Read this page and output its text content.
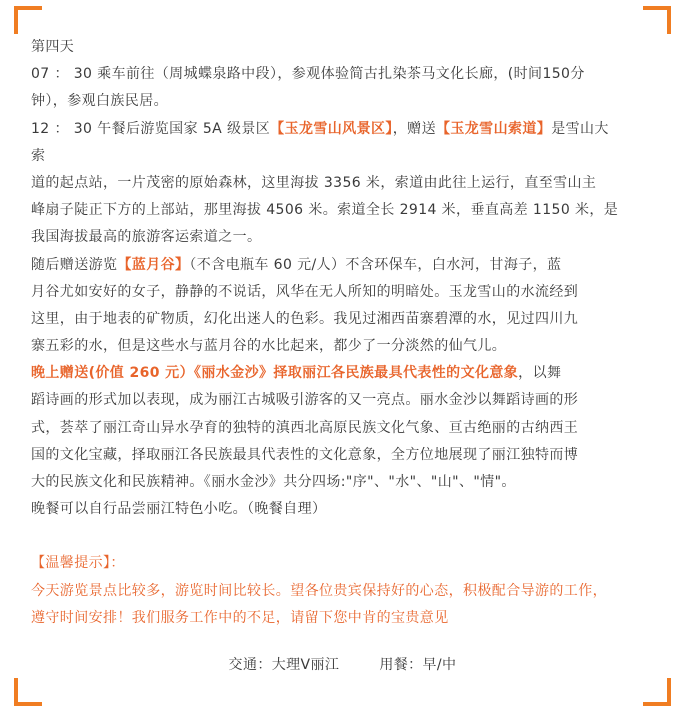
第四天
07 ： 30 乘车前往（周城蝶泉路中段），参观体验简古扎染茶马文化长廊，(时间150分
钟），参观白族民居。
12 ： 30 午餐后游览国家 5A 级景区【玉龙雪山风景区】，赠送【玉龙雪山索道】是雪山大
索
道的起点站，一片茂密的原始森林，这里海拔 3356 米，索道由此往上运行，直至雪山主
峰扇子陡正下方的上部站，那里海拔 4506 米。索道全长 2914 米，垂直高差 1150 米，是
我国海拔最高的旅游客运索道之一。
随后赠送游览【蓝月谷】（不含电瓶车 60 元/人）不含环保车，白水河，甘海子，蓝
月谷尤如安好的女子，静静的不说话，风华在无人所知的明暗处。玉龙雪山的水流经到
这里，由于地表的矿物质，幻化出迷人的色彩。我见过湘西苗寨碧潭的水，见过四川九
寨五彩的水，但是这些水与蓝月谷的水比起来，都少了一分淡然的仙气儿。
晚上赠送(价值 260 元）《丽水金沙》择取丽江各民族最具代表性的文化意象，以舞
蹈诗画的形式加以表现，成为丽江古城吸引游客的又一亮点。丽水金沙以舞蹈诗画的形
式，荟萃了丽江奇山异水孕育的独特的滇西北高原民族文化气象、亘古绝丽的古纳西王
国的文化宝藏，择取丽江各民族最具代表性的文化意象，全方位地展现了丽江独特而博
大的民族文化和民族精神。《丽水金沙》共分四场:"序"、"水"、"山"、"情"。
晚餐可以自行品尝丽江特色小吃。（晚餐自理）
【温馨提示】：
今天游览景点比较多，游览时间比较长。望各位贵宾保持好的心态，积极配合导游的工作，
遵守时间安排！我们服务工作中的不足，请留下您中肯的宝贵意见
交通：大理V丽江	用餐：早/中
